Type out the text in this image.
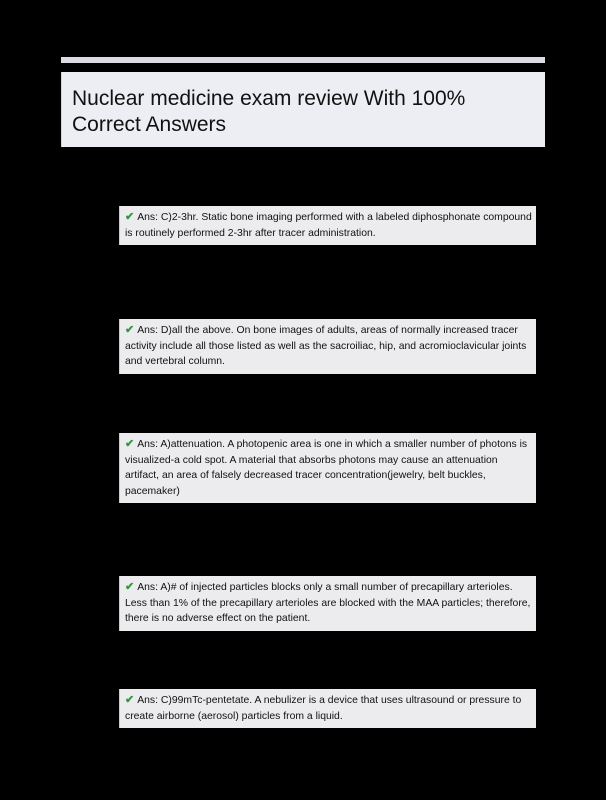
Nuclear medicine exam review With 100%
Correct Answers
✔ Ans: C)2-3hr. Static bone imaging performed with a labeled diphosphonate compound is routinely performed 2-3hr after tracer administration.
✔ Ans: D)all the above. On bone images of adults, areas of normally increased tracer activity include all those listed as well as the sacroiliac, hip, and acromioclavicular joints and vertebral column.
✔ Ans: A)attenuation. A photopenic area is one in which a smaller number of photons is visualized-a cold spot. A material that absorbs photons may cause an attenuation artifact, an area of falsely decreased tracer concentration(jewelry, belt buckles, pacemaker)
✔ Ans: A)# of injected particles blocks only a small number of precapillary arterioles. Less than 1% of the precapillary arterioles are blocked with the MAA particles; therefore, there is no adverse effect on the patient.
✔ Ans: C)99mTc-pentetate. A nebulizer is a device that uses ultrasound or pressure to create airborne (aerosol) particles from a liquid.
